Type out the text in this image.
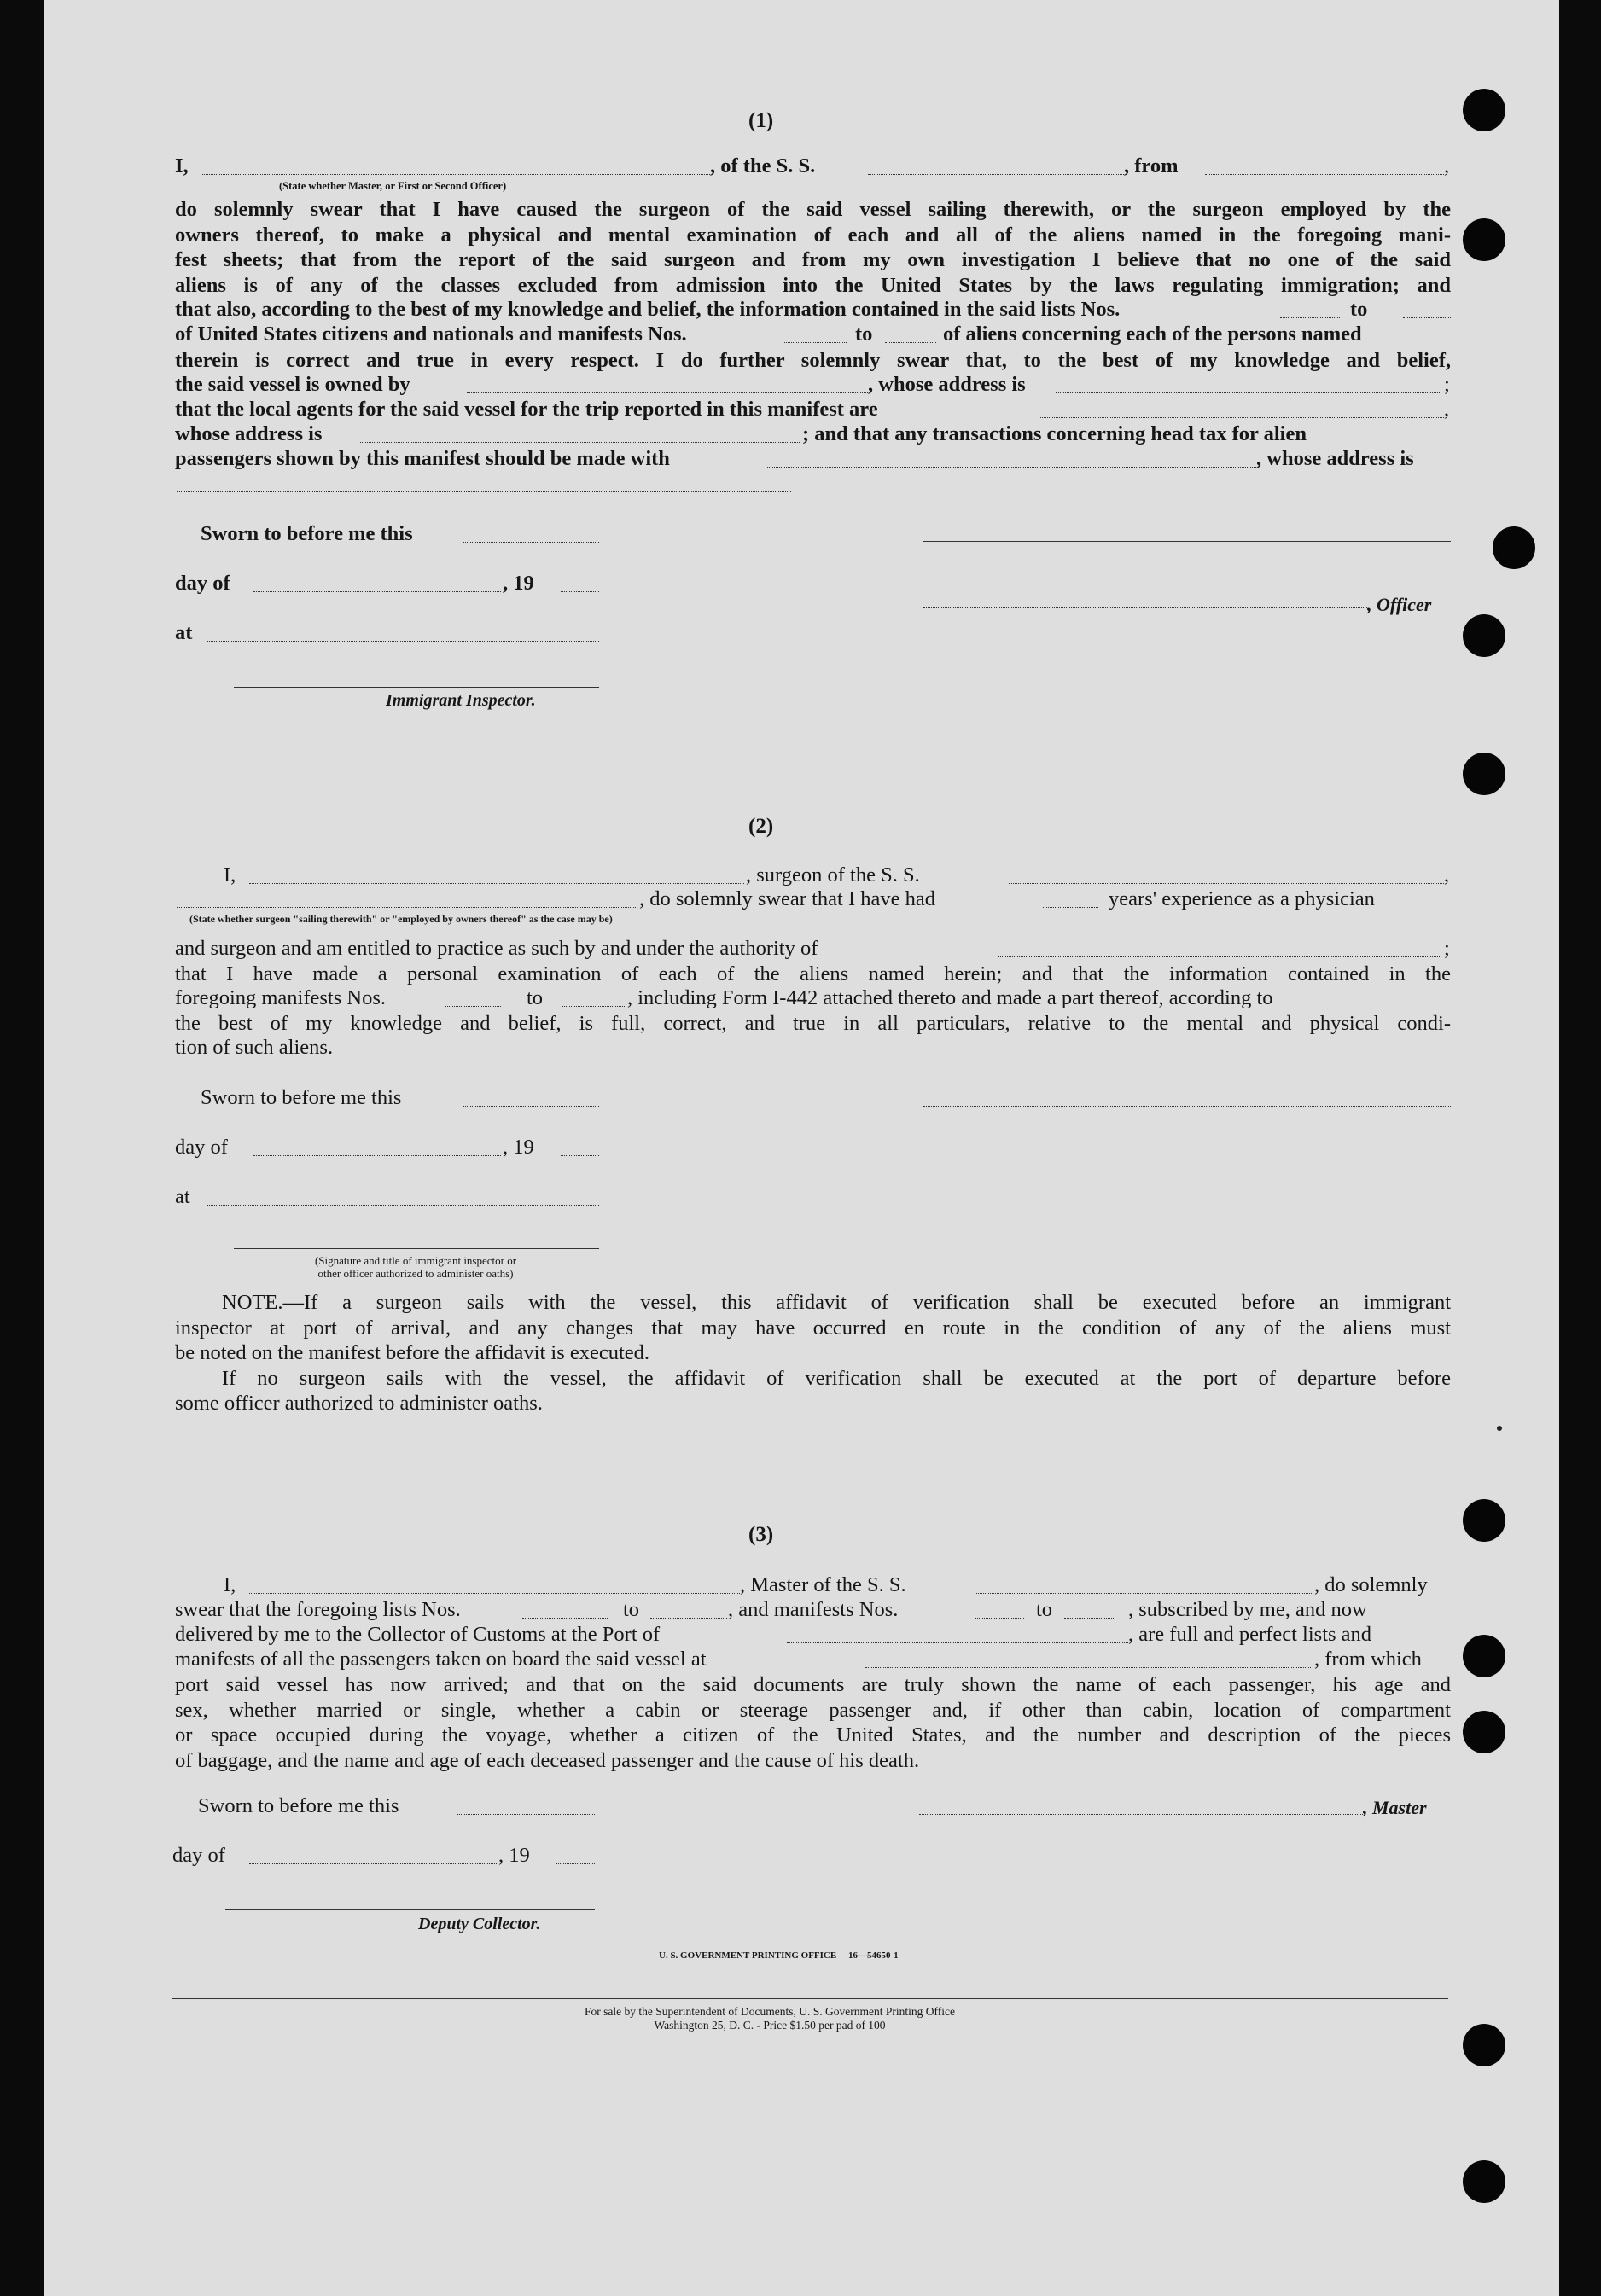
(1)
I,	, of the S. S.	, from	,
(State whether Master, or First or Second Officer)
do solemnly swear that I have caused the surgeon of the said vessel sailing therewith, or the surgeon employed by the
owners thereof, to make a physical and mental examination of each and all of the aliens named in the foregoing mani-
fest sheets; that from the report of the said surgeon and from my own investigation I believe that no one of the said
aliens is of any of the classes excluded from admission into the United States by the laws regulating immigration; and
that also, according to the best of my knowledge and belief, the information contained in the said lists Nos.	to
of United States citizens and nationals and manifests Nos.	to	of aliens concerning each of the persons named
therein is correct and true in every respect. I do further solemnly swear that, to the best of my knowledge and belief,
the said vessel is owned by	, whose address is	;
that the local agents for the said vessel for the trip reported in this manifest are	,
whose address is	; and that any transactions concerning head tax for alien
passengers shown by this manifest should be made with	, whose address is
Sworn to before me this
day of	, 19
, Officer
at
Immigrant Inspector.
(2)
I,	, surgeon of the S. S.	,
, do solemnly swear that I have had	years' experience as a physician
(State whether surgeon "sailing therewith" or "employed by owners thereof" as the case may be)
and surgeon and am entitled to practice as such by and under the authority of	;
that I have made a personal examination of each of the aliens named herein; and that the information contained in the
foregoing manifests Nos.	to	, including Form I-442 attached thereto and made a part thereof, according to
the best of my knowledge and belief, is full, correct, and true in all particulars, relative to the mental and physical condi-
tion of such aliens.
Sworn to before me this
day of	, 19
at
(Signature and title of immigrant inspector or
other officer authorized to administer oaths)
NOTE.—If a surgeon sails with the vessel, this affidavit of verification shall be executed before an immigrant
inspector at port of arrival, and any changes that may have occurred en route in the condition of any of the aliens must
be noted on the manifest before the affidavit is executed.
If no surgeon sails with the vessel, the affidavit of verification shall be executed at the port of departure before
some officer authorized to administer oaths.
(3)
I,	, Master of the S. S.	, do solemnly
swear that the foregoing lists Nos.	to	, and manifests Nos.	to	, subscribed by me, and now
delivered by me to the Collector of Customs at the Port of	, are full and perfect lists and
manifests of all the passengers taken on board the said vessel at	, from which
port said vessel has now arrived; and that on the said documents are truly shown the name of each passenger, his age and
sex, whether married or single, whether a cabin or steerage passenger and, if other than cabin, location of compartment
or space occupied during the voyage, whether a citizen of the United States, and the number and description of the pieces
of baggage, and the name and age of each deceased passenger and the cause of his death.
Sworn to before me this	, Master
day of	, 19
Deputy Collector.
U. S. GOVERNMENT PRINTING OFFICE     16—54650-1
For sale by the Superintendent of Documents, U. S. Government Printing Office
Washington 25, D. C. - Price $1.50 per pad of 100
